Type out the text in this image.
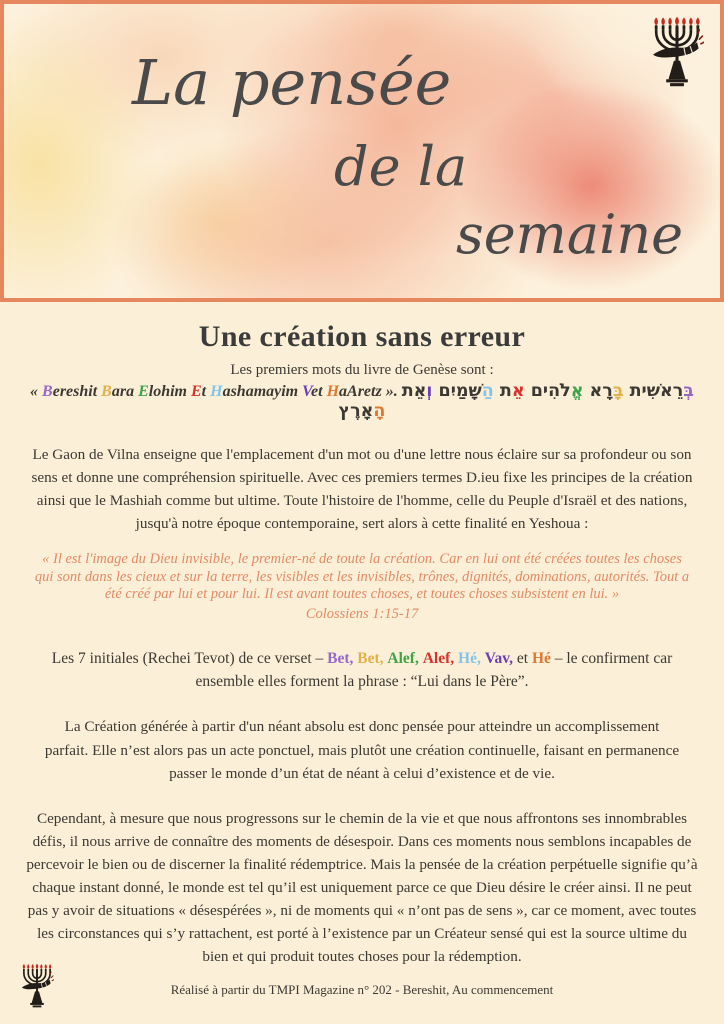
La pensée
de la
semaine
Une création sans erreur

Les premiers mots du livre de Genèse sont :

« Bereshit Bara Elohim Et Hashamayim Vet HaAretz ».	בְּרֵאשִׁית בָּרָא אֱלֹהִים אֵת הַשָּׁמַיִם וְאֵת הָאָרֶץ

Le Gaon de Vilna enseigne que l'emplacement d'un mot ou d'une lettre nous éclaire sur sa profondeur ou son sens et donne une compréhension spirituelle. Avec ces premiers termes D.ieu fixe les principes de la création ainsi que le Mashiah comme but ultime. Toute l'histoire de l'homme, celle du Peuple d'Israël et des nations, jusqu'à notre époque contemporaine, sert alors à cette finalité en Yeshoua :

« Il est l'image du Dieu invisible, le premier-né de toute la création. Car en lui ont été créées toutes les choses qui sont dans les cieux et sur la terre, les visibles et les invisibles, trônes, dignités, dominations, autorités. Tout a été créé par lui et pour lui. Il est avant toutes choses, et toutes choses subsistent en lui. »

Colossiens 1:15-17

Les 7 initiales (Rechei Tevot) de ce verset – Bet, Bet, Alef, Alef, Hé, Vav, et Hé – le confirment car ensemble elles forment la phrase : “Lui dans le Père”.

La Création générée à partir d'un néant absolu est donc pensée pour atteindre un accomplissement parfait. Elle n’est alors pas un acte ponctuel, mais plutôt une création continuelle, faisant en permanence passer le monde d’un état de néant à celui d’existence et de vie.

Cependant, à mesure que nous progressons sur le chemin de la vie et que nous affrontons ses innombrables défis, il nous arrive de connaître des moments de désespoir. Dans ces moments nous semblons incapables de percevoir le bien ou de discerner la finalité rédemptrice. Mais la pensée de la création perpétuelle signifie qu’à chaque instant donné, le monde est tel qu’il est uniquement parce ce que Dieu désire le créer ainsi. Il ne peut pas y avoir de situations « désespérées », ni de moments qui « n’ont pas de sens », car ce moment, avec toutes les circonstances qui s’y rattachent, est porté à l’existence par un Créateur sensé qui est la source ultime du bien et qui produit toutes choses pour la rédemption.

Réalisé à partir du TMPI Magazine n° 202 - Bereshit, Au commencement
